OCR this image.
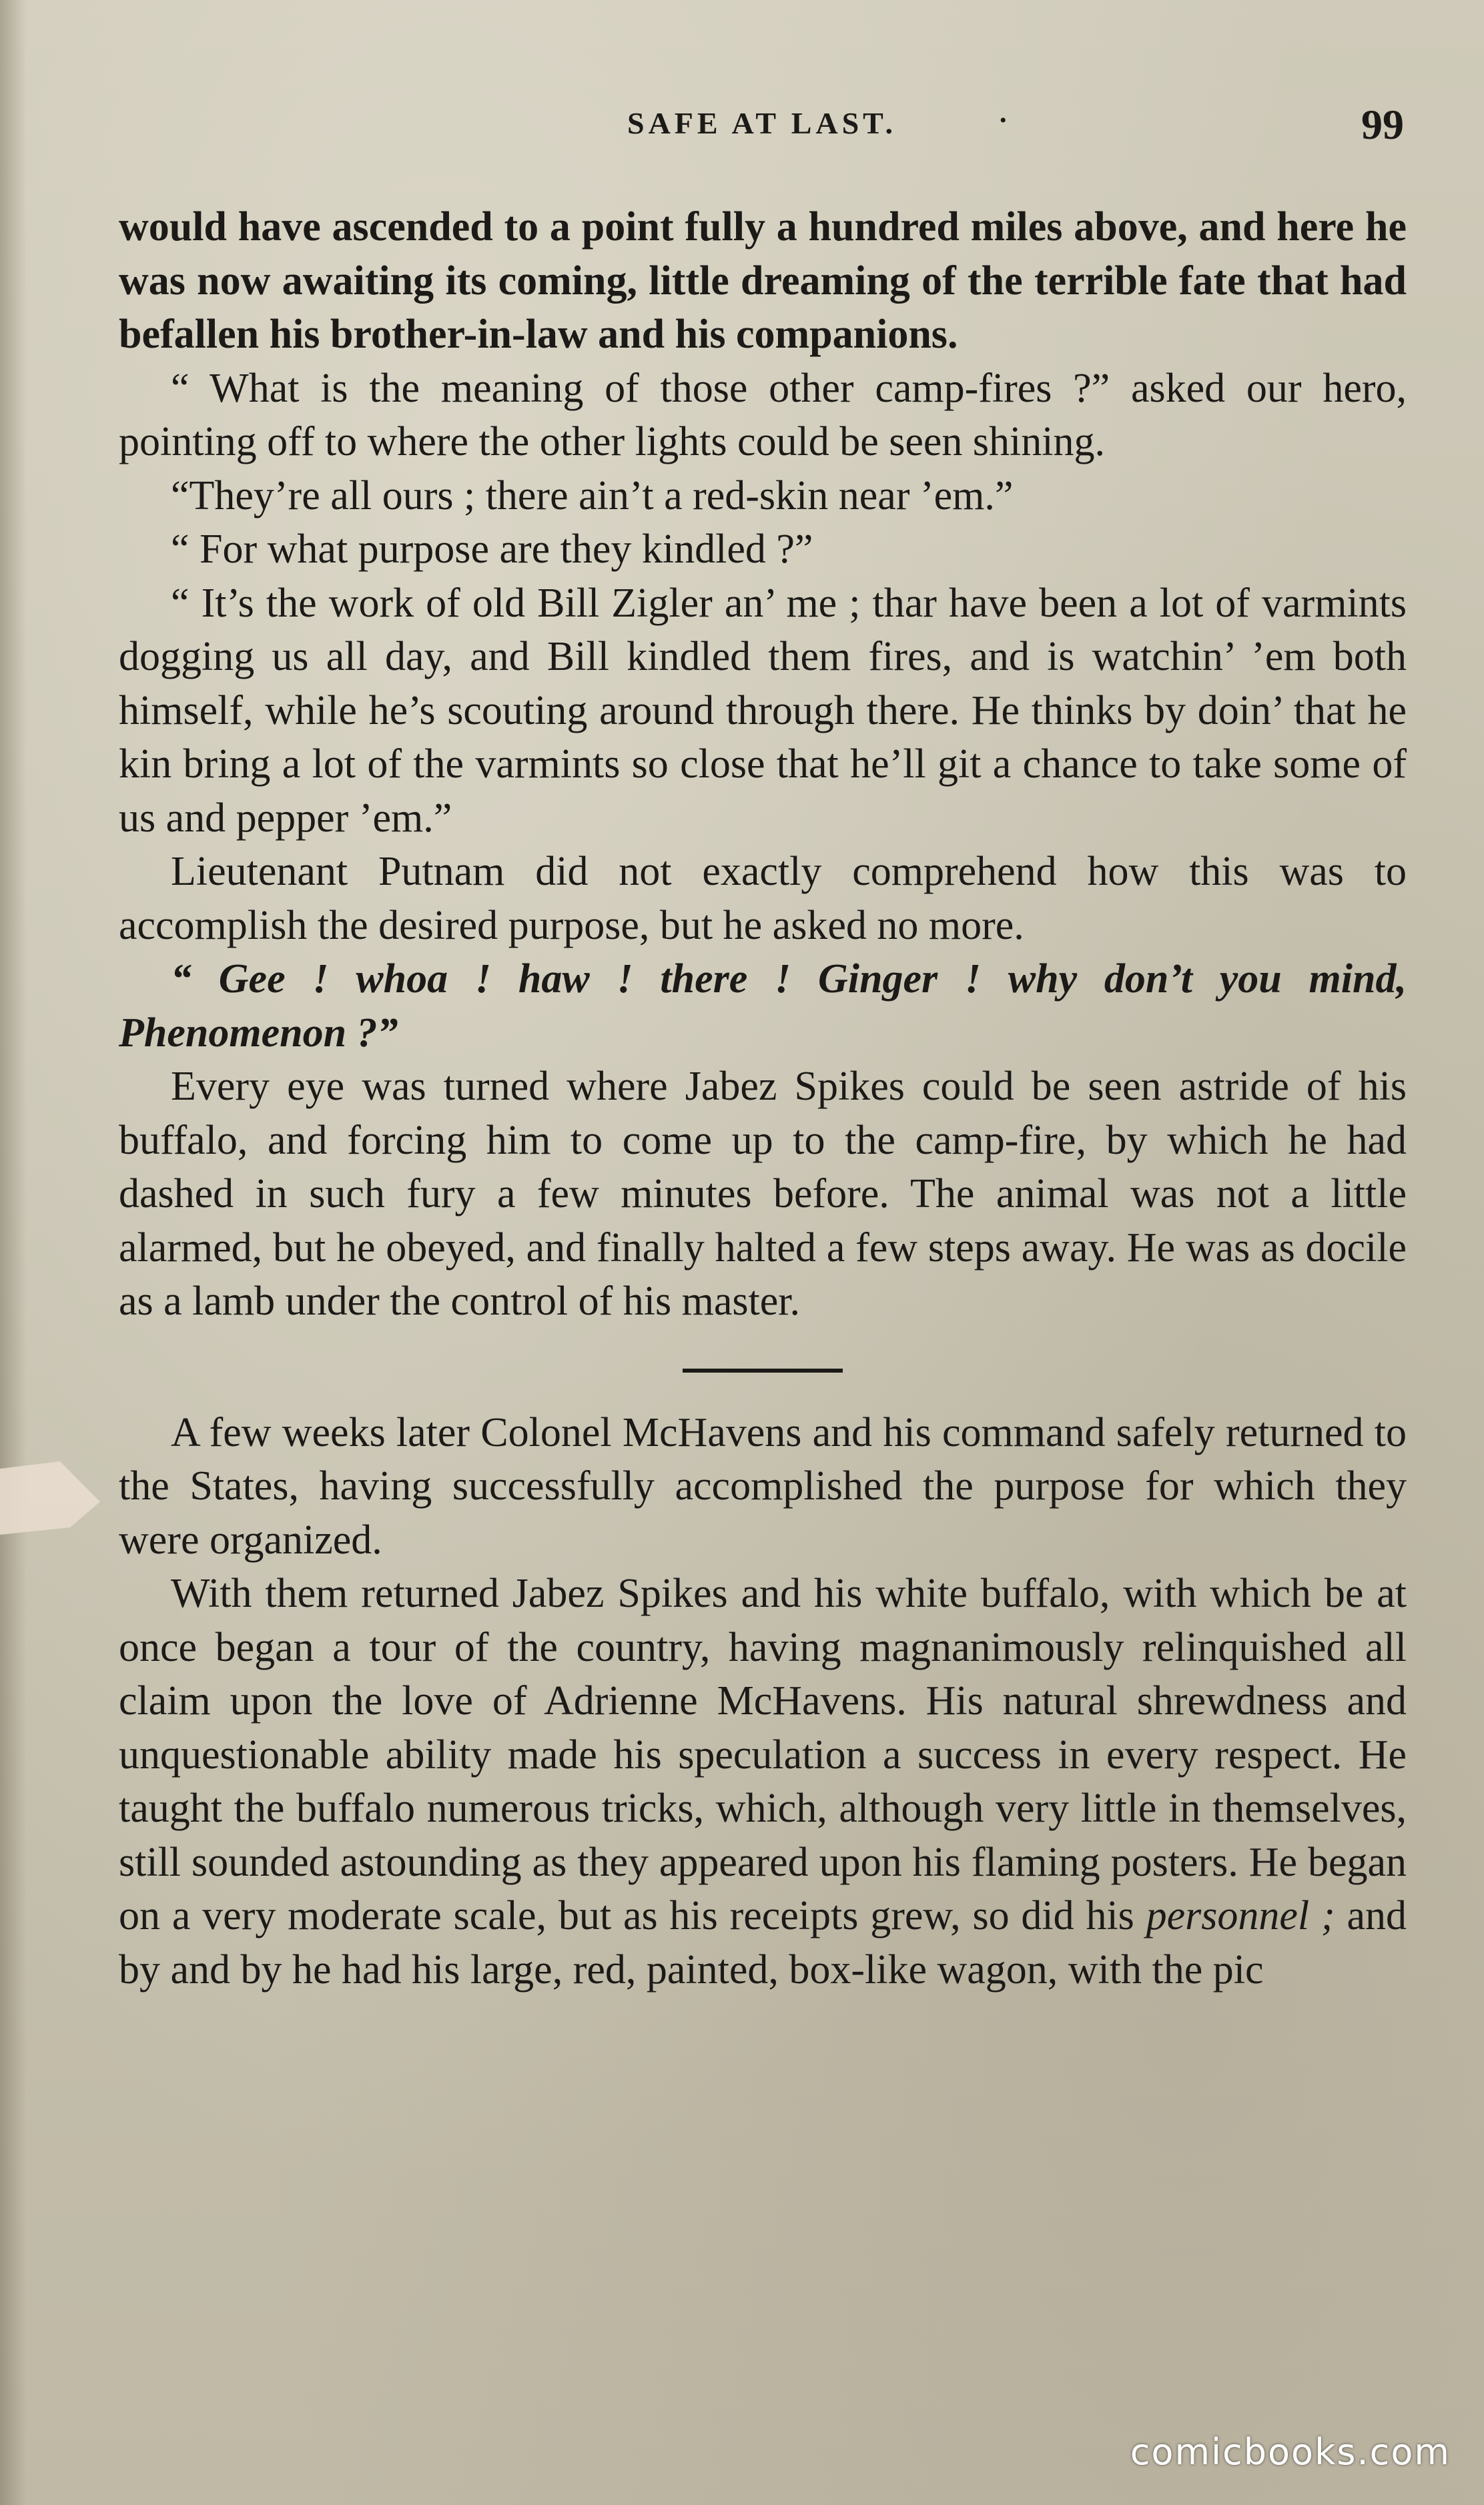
SAFE AT LAST.	•	99

would have ascended to a point fully a hundred miles above, and here he was now awaiting its coming, little dreaming of the terrible fate that had befallen his brother-in-law and his companions.

“ What is the meaning of those other camp-fires ?” asked our hero, pointing off to where the other lights could be seen shining.

“They’re all ours ; there ain’t a red-skin near ’em.”

“ For what purpose are they kindled ?”

“ It’s the work of old Bill Zigler an’ me ; thar have been a lot of varmints dogging us all day, and Bill kindled them fires, and is watchin’ ’em both himself, while he’s scouting around through there. He thinks by doin’ that he kin bring a lot of the varmints so close that he’ll git a chance to take some of us and pepper ’em.”

Lieutenant Putnam did not exactly comprehend how this was to accomplish the desired purpose, but he asked no more.

“ Gee ! whoa ! haw ! there ! Ginger ! why don’t you mind, Phenomenon ?”

Every eye was turned where Jabez Spikes could be seen astride of his buffalo, and forcing him to come up to the camp-fire, by which he had dashed in such fury a few minutes before. The animal was not a little alarmed, but he obeyed, and finally halted a few steps away. He was as docile as a lamb under the control of his master.

A few weeks later Colonel McHavens and his command safely returned to the States, having successfully accomplished the purpose for which they were organized.

With them returned Jabez Spikes and his white buffalo, with which be at once began a tour of the country, having magnanimously relinquished all claim upon the love of Adrienne McHavens. His natural shrewdness and unquestionable ability made his speculation a success in every respect. He taught the buffalo numerous tricks, which, although very little in themselves, still sounded astounding as they appeared upon his flaming posters. He began on a very moderate scale, but as his receipts grew, so did his personnel ; and by and by he had his large, red, painted, box-like wagon, with the pic

comicbooks.com
